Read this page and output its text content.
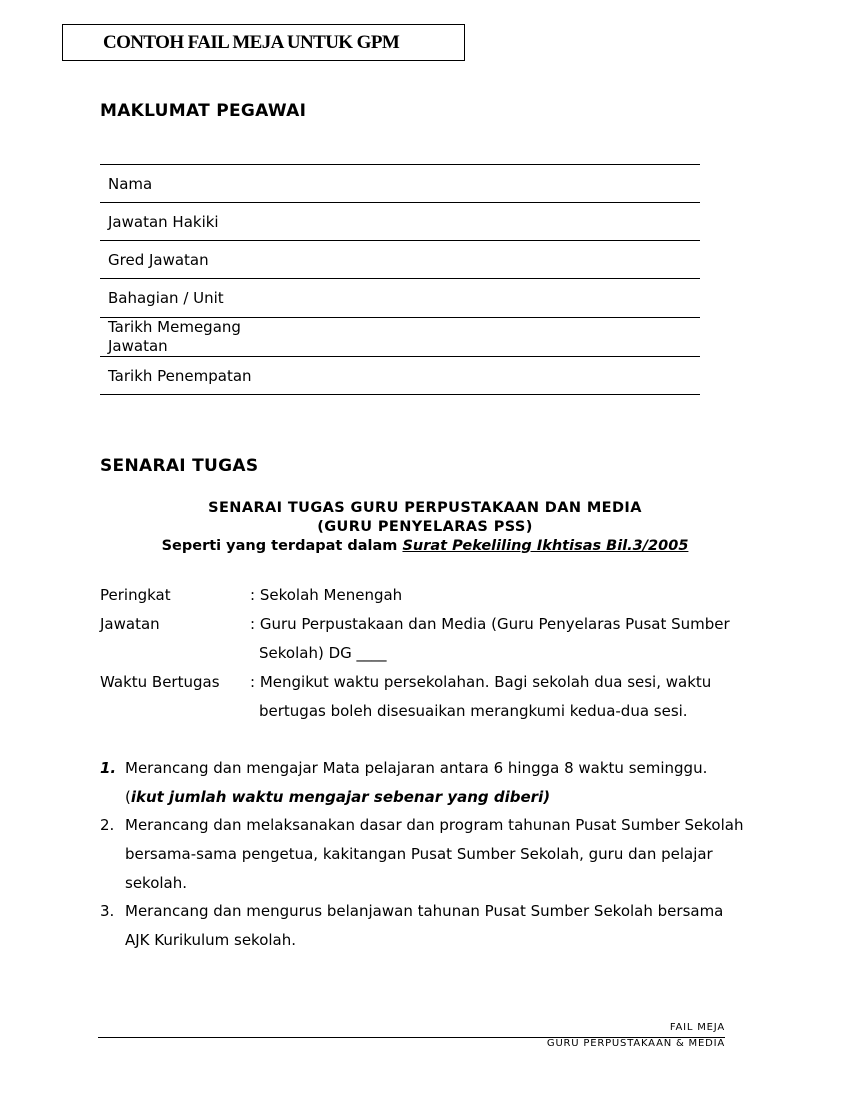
CONTOH FAIL MEJA UNTUK GPM
MAKLUMAT PEGAWAI
Nama
Jawatan Hakiki
Gred Jawatan
Bahagian / Unit
Tarikh Memegang
Jawatan
Tarikh Penempatan
SENARAI TUGAS
SENARAI TUGAS GURU PERPUSTAKAAN DAN MEDIA
(GURU PENYELARAS PSS)
Seperti yang terdapat dalam Surat Pekeliling Ikhtisas Bil.3/2005
Peringkat	: Sekolah Menengah
Jawatan	: Guru Perpustakaan dan Media (Guru Penyelaras Pusat Sumber Sekolah) DG ____
Waktu Bertugas : Mengikut waktu persekolahan. Bagi sekolah dua sesi, waktu bertugas boleh disesuaikan merangkumi kedua-dua sesi.
1. Merancang dan mengajar Mata pelajaran antara 6 hingga 8 waktu seminggu. (ikut jumlah waktu mengajar sebenar yang diberi)
2. Merancang dan melaksanakan dasar dan program tahunan Pusat Sumber Sekolah bersama-sama pengetua, kakitangan Pusat Sumber Sekolah, guru dan pelajar sekolah.
3. Merancang dan mengurus belanjawan tahunan Pusat Sumber Sekolah bersama AJK Kurikulum sekolah.
FAIL MEJA
GURU PERPUSTAKAAN & MEDIA
